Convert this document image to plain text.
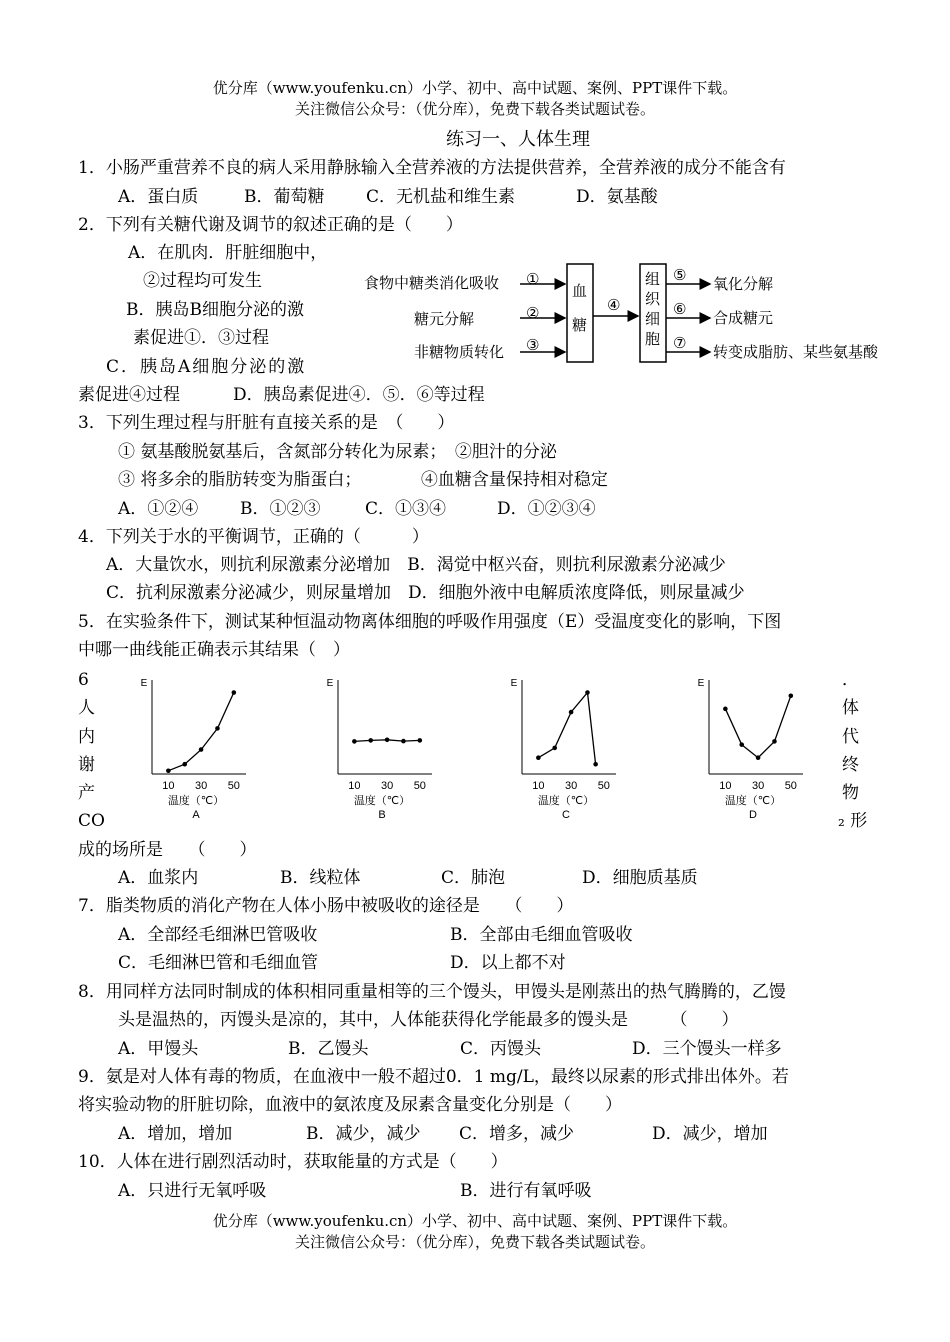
优分库（www.youfenku.cn）小学、初中、高中试题、案例、PPT课件下载。
关注微信公众号：（优分库），免费下载各类试题试卷。
练习一、人体生理
1．小肠严重营养不良的病人采用静脉输入全营养液的方法提供营养，全营养液的成分不能含有
A．蛋白质	B．葡萄糖 C．无机盐和维生素	D．氨基酸
2．下列有关糖代谢及调节的叙述正确的是（　　）
A．在肌肉．肝脏细胞中，
②过程均可发生
B．胰岛B细胞分泌的激
素促进①．③过程
C．胰岛A细胞分泌的激
素促进④过程	D．胰岛素促进④．⑤．⑥等过程
食物中糖类消化吸收
糖元分解
非糖物质转化
①
②
③
血
糖
④
组
织
细
胞
⑤
⑥
⑦
氧化分解
合成糖元
转变成脂肪、某些氨基酸
3．下列生理过程与肝脏有直接关系的是　（　　）
① 氨基酸脱氨基后，含氮部分转化为尿素；　②胆汁的分泌
③ 将多余的脂肪转变为脂蛋白；　　　　④血糖含量保持相对稳定
A．①②④ B．①②③	C．①③④	D．①②③④
4．下列关于水的平衡调节，正确的（　　　）
A．大量饮水，则抗利尿激素分泌增加　B．渴觉中枢兴奋，则抗利尿激素分泌减少
C．抗利尿激素分泌减少，则尿量增加　D．细胞外液中电解质浓度降低，则尿量减少
5．在实验条件下，测试某种恒温动物离体细胞的呼吸作用强度（E）受温度变化的影响，下图
中哪一曲线能正确表示其结果（　）
6
人
内
谢
产
CO
．
体
代
终
物
₂ 形
E
10 30 50
温度（℃）
A
E
10 30 50
温度（℃）
B
E
10 30 50
温度（℃）
C
E
10 30 50
温度（℃）
D
成的场所是　　（　　）
A．血浆内	B．线粒体	C．肺泡	D．细胞质基质
7．脂类物质的消化产物在人体小肠中被吸收的途径是　　（　　）
A．全部经毛细淋巴管吸收	B．全部由毛细血管吸收
C．毛细淋巴管和毛细血管	D．以上都不对
8．用同样方法同时制成的体积相同重量相等的三个馒头，甲馒头是刚蒸出的热气腾腾的，乙馒
头是温热的，丙馒头是凉的，其中，人体能获得化学能最多的馒头是　　　（　　）
A．甲馒头	B．乙馒头	C．丙馒头	D．三个馒头一样多
9．氨是对人体有毒的物质，在血液中一般不超过0．1 mg/L，最终以尿素的形式排出体外。若
将实验动物的肝脏切除，血液中的氨浓度及尿素含量变化分别是（　　）
A．增加，增加	B．减少，减少 C．增多，减少	D．减少，增加
10．人体在进行剧烈活动时，获取能量的方式是（　　）
A．只进行无氧呼吸	B．进行有氧呼吸
优分库（www.youfenku.cn）小学、初中、高中试题、案例、PPT课件下载。
关注微信公众号：（优分库），免费下载各类试题试卷。
